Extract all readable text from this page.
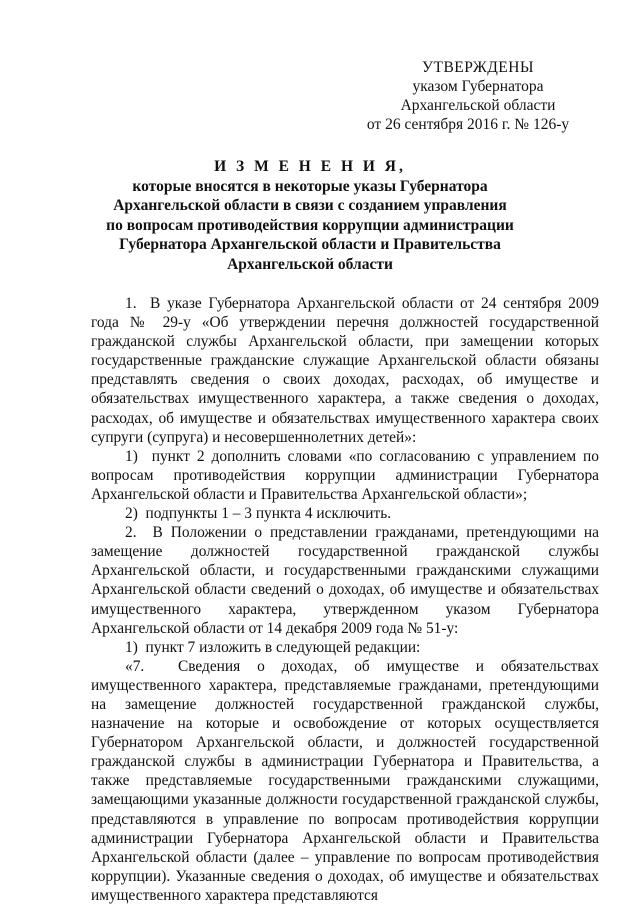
УТВЕРЖДЕНЫ
указом Губернатора
Архангельской области
от 26 сентября 2016 г. № 126-у
И З М Е Н Е Н И Я,
которые вносятся в некоторые указы Губернатора
Архангельской области в связи с созданием управления
по вопросам противодействия коррупции администрации
Губернатора Архангельской области и Правительства
Архангельской области

1.  В указе Губернатора Архангельской области от 24 сентября 2009 года № 29-у «Об утверждении перечня должностей государственной гражданской службы Архангельской области, при замещении которых государственные гражданские служащие Архангельской области обязаны представлять сведения о своих доходах, расходах, об имуществе и обязательствах имущественного характера, а также сведения о доходах, расходах, об имуществе и обязательствах имущественного характера своих супруги (супруга) и несовершеннолетних детей»:

1)  пункт 2 дополнить словами «по согласованию с управлением по вопросам противодействия коррупции администрации Губернатора Архангельской области и Правительства Архангельской области»;

2)  подпункты 1 – 3 пункта 4 исключить.

2.  В Положении о представлении гражданами, претендующими на замещение должностей государственной гражданской службы Архангельской области, и государственными гражданскими служащими Архангельской области сведений о доходах, об имуществе и обязательствах имущественного характера, утвержденном указом Губернатора Архангельской области от 14 декабря 2009 года № 51-у:

1)  пункт 7 изложить в следующей редакции:

«7.  Сведения о доходах, об имуществе и обязательствах имущественного характера, представляемые гражданами, претендующими на замещение должностей государственной гражданской службы, назначение на которые и освобождение от которых осуществляется Губернатором Архангельской области, и должностей государственной гражданской службы в администрации Губернатора и Правительства, а также представляемые государственными гражданскими служащими, замещающими указанные должности государственной гражданской службы, представляются в управление по вопросам противодействия коррупции администрации Губернатора Архангельской области и Правительства Архангельской области (далее – управление по вопросам противодействия коррупции). Указанные сведения о доходах, об имуществе и обязательствах имущественного характера представляются
